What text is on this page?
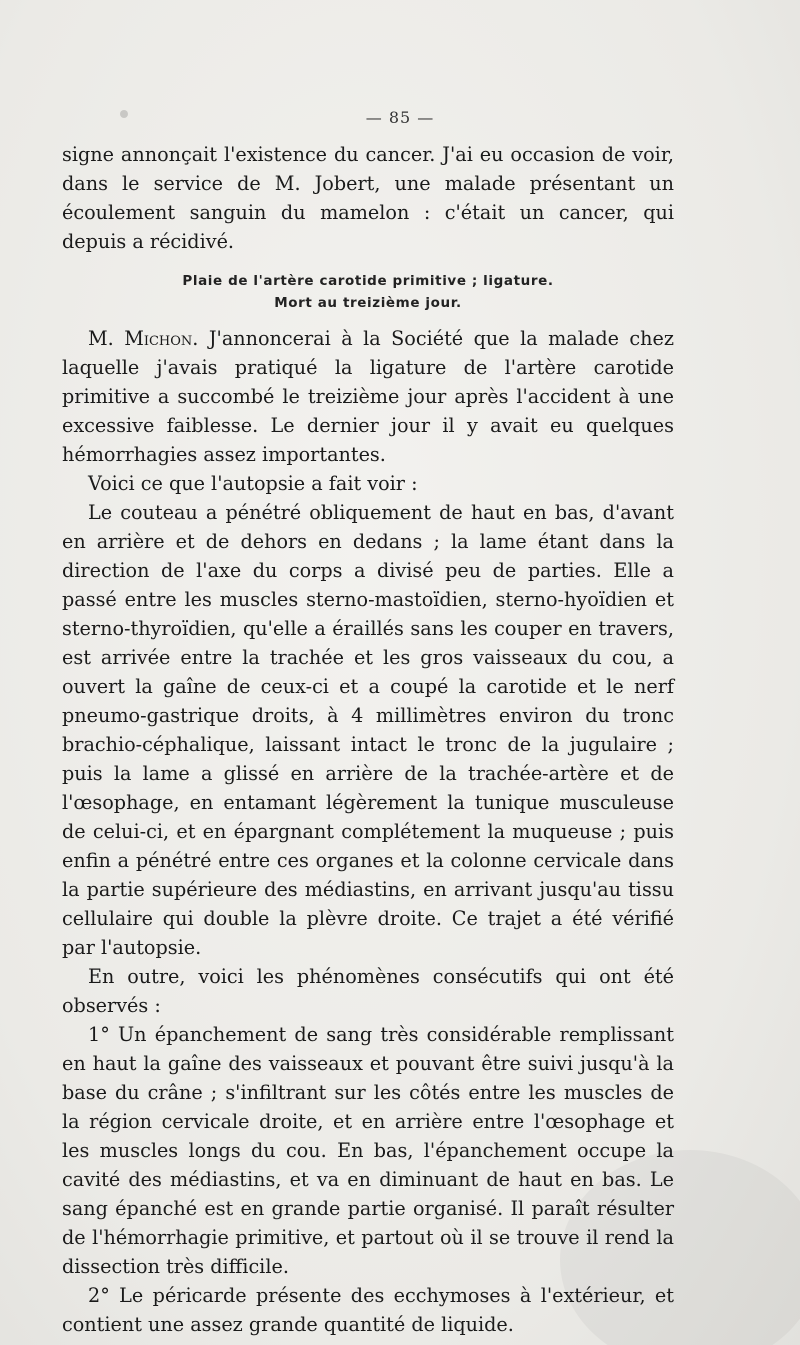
— 85 —

signe annonçait l'existence du cancer. J'ai eu occasion de voir, dans le service de M. Jobert, une malade présentant un écoulement sanguin du mamelon : c'était un cancer, qui depuis a récidivé.

Plaie de l'artère carotide primitive ; ligature.

Mort au treizième jour.

M. Michon. J'annoncerai à la Société que la malade chez laquelle j'avais pratiqué la ligature de l'artère carotide primitive a succombé le treizième jour après l'accident à une excessive faiblesse. Le dernier jour il y avait eu quelques hémorrhagies assez importantes.

Voici ce que l'autopsie a fait voir :

Le couteau a pénétré obliquement de haut en bas, d'avant en arrière et de dehors en dedans ; la lame étant dans la direction de l'axe du corps a divisé peu de parties. Elle a passé entre les muscles sterno-mastoïdien, sterno-hyoïdien et sterno-thyroïdien, qu'elle a éraillés sans les couper en travers, est arrivée entre la trachée et les gros vaisseaux du cou, a ouvert la gaîne de ceux-ci et a coupé la carotide et le nerf pneumo-gastrique droits, à 4 millimètres environ du tronc brachio-céphalique, laissant intact le tronc de la jugulaire ; puis la lame a glissé en arrière de la trachée-artère et de l'œsophage, en entamant légèrement la tunique musculeuse de celui-ci, et en épargnant complétement la muqueuse ; puis enfin a pénétré entre ces organes et la colonne cervicale dans la partie supérieure des médiastins, en arrivant jusqu'au tissu cellulaire qui double la plèvre droite. Ce trajet a été vérifié par l'autopsie.

En outre, voici les phénomènes consécutifs qui ont été observés :

1° Un épanchement de sang très considérable remplissant en haut la gaîne des vaisseaux et pouvant être suivi jusqu'à la base du crâne ; s'infiltrant sur les côtés entre les muscles de la région cervicale droite, et en arrière entre l'œsophage et les muscles longs du cou. En bas, l'épanchement occupe la cavité des médiastins, et va en diminuant de haut en bas. Le sang épanché est en grande partie organisé. Il paraît résulter de l'hémorrhagie primitive, et partout où il se trouve il rend la dissection très difficile.

2° Le péricarde présente des ecchymoses à l'extérieur, et contient une assez grande quantité de liquide.
